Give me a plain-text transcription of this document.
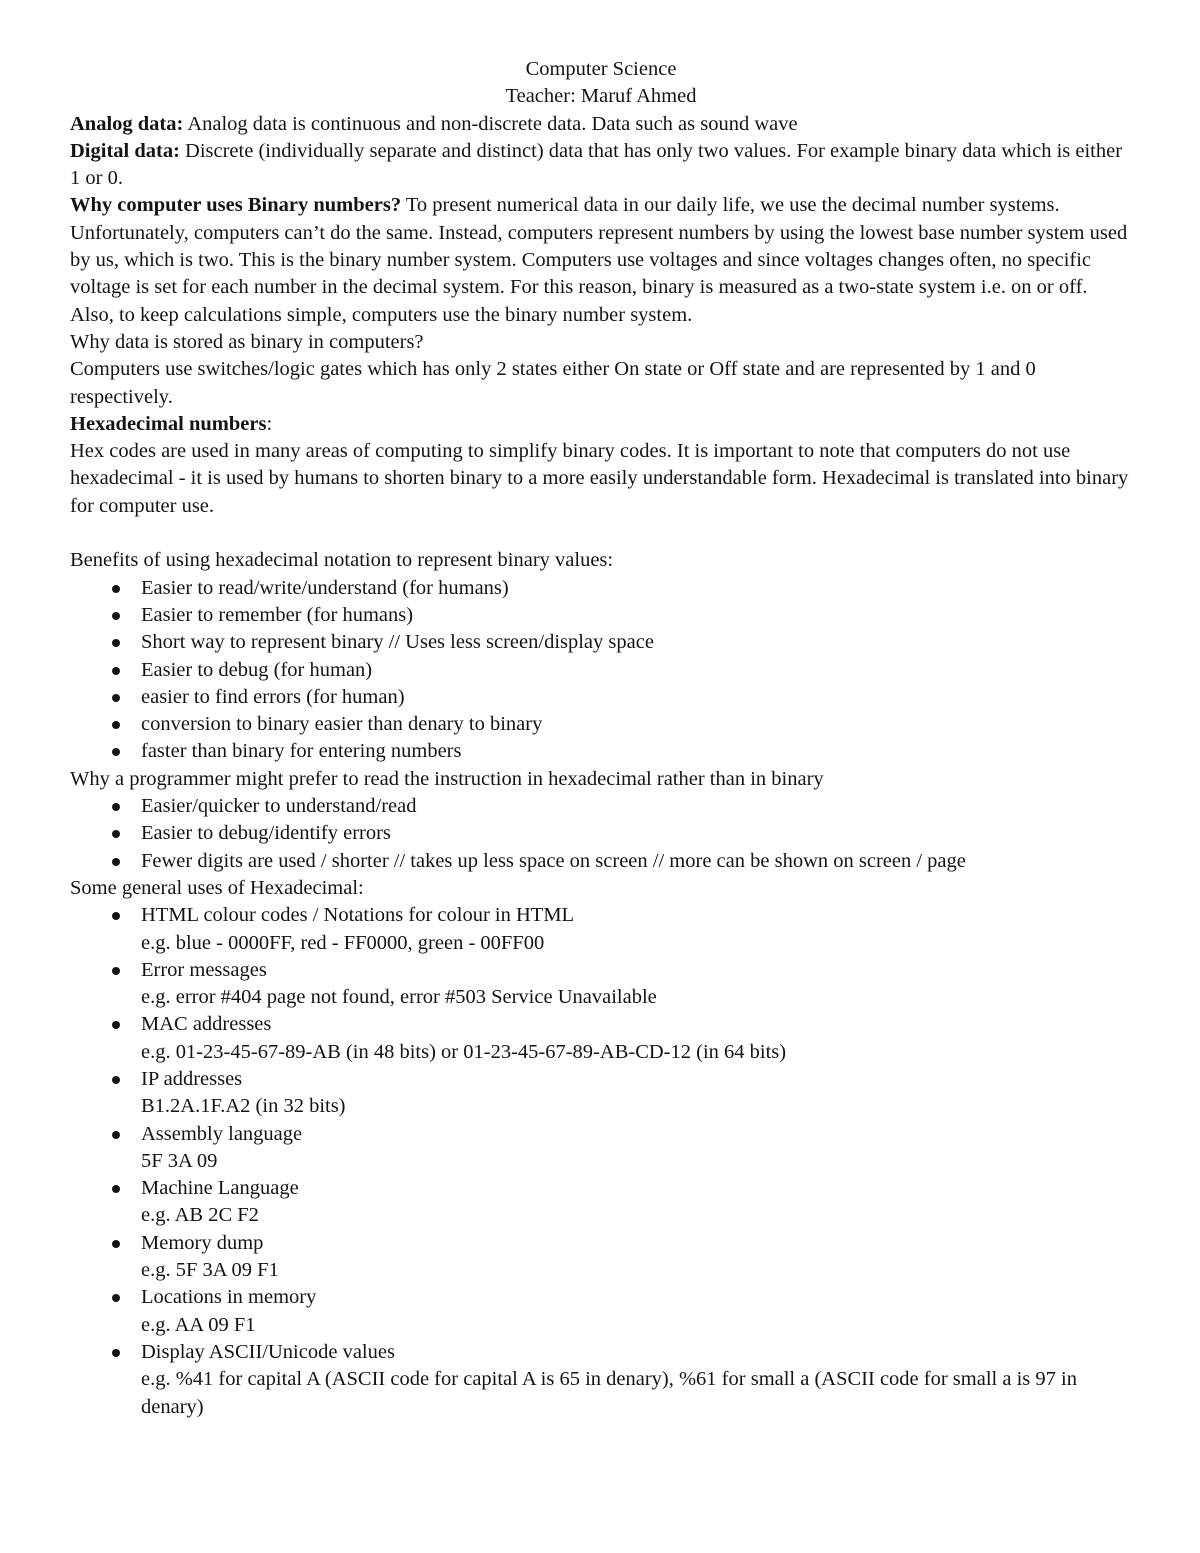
Computer Science

Teacher: Maruf Ahmed

Analog data: Analog data is continuous and non-discrete data. Data such as sound wave

Digital data: Discrete (individually separate and distinct) data that has only two values. For example binary data which is either 1 or 0.

Why computer uses Binary numbers? To present numerical data in our daily life, we use the decimal number systems. Unfortunately, computers can’t do the same. Instead, computers represent numbers by using the lowest base number system used by us, which is two. This is the binary number system. Computers use voltages and since voltages changes often, no specific voltage is set for each number in the decimal system. For this reason, binary is measured as a two-state system i.e. on or off. Also, to keep calculations simple, computers use the binary number system.

Why data is stored as binary in computers?

Computers use switches/logic gates which has only 2 states either On state or Off state and are represented by 1 and 0 respectively.

Hexadecimal numbers:

Hex codes are used in many areas of computing to simplify binary codes. It is important to note that computers do not use hexadecimal - it is used by humans to shorten binary to a more easily understandable form. Hexadecimal is translated into binary for computer use.

Benefits of using hexadecimal notation to represent binary values:

Easier to read/write/understand (for humans)
Easier to remember (for humans)
Short way to represent binary // Uses less screen/display space
Easier to debug (for human)
easier to find errors (for human)
conversion to binary easier than denary to binary
faster than binary for entering numbers

Why a programmer might prefer to read the instruction in hexadecimal rather than in binary

Easier/quicker to understand/read
Easier to debug/identify errors
Fewer digits are used / shorter // takes up less space on screen // more can be shown on screen / page

Some general uses of Hexadecimal:

HTML colour codes / Notations for colour in HTML
e.g. blue - 0000FF, red - FF0000, green - 00FF00
Error messages
e.g. error #404 page not found, error #503 Service Unavailable
MAC addresses
e.g. 01-23-45-67-89-AB (in 48 bits) or 01-23-45-67-89-AB-CD-12 (in 64 bits)
IP addresses
B1.2A.1F.A2 (in 32 bits)
Assembly language
5F 3A 09
Machine Language
e.g. AB 2C F2
Memory dump
e.g. 5F 3A 09 F1
Locations in memory
e.g. AA 09 F1
Display ASCII/Unicode values
e.g. %41 for capital A (ASCII code for capital A is 65 in denary), %61 for small a (ASCII code for small a is 97 in denary)
